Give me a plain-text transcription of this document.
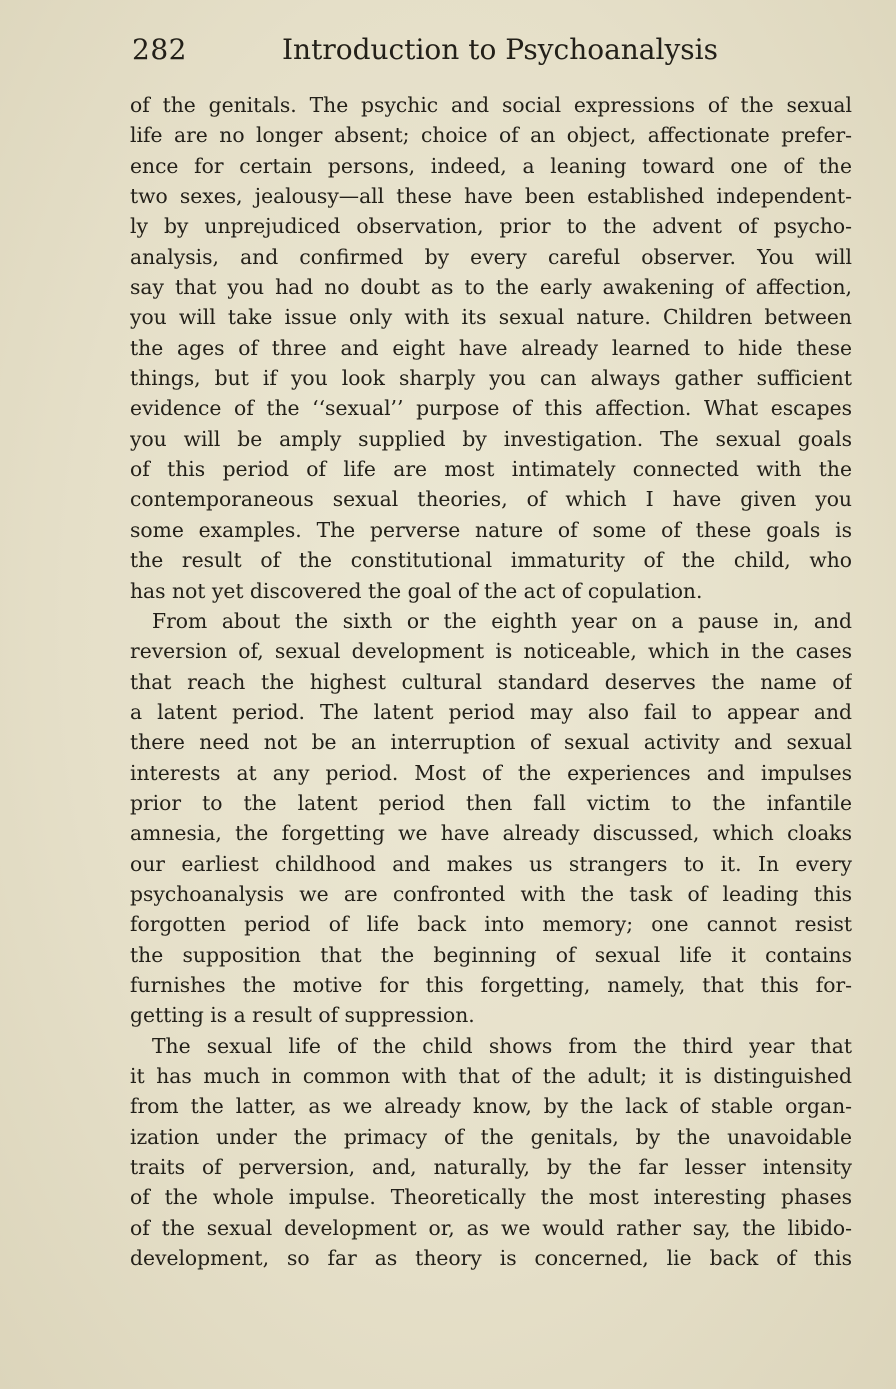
282	Introduction to Psychoanalysis
of the genitals. The psychic and social expressions of the sexual
life are no longer absent; choice of an object, affectionate prefer-
ence for certain persons, indeed, a leaning toward one of the
two sexes, jealousy—all these have been established independent-
ly by unprejudiced observation, prior to the advent of psycho-
analysis, and confirmed by every careful observer. You will
say that you had no doubt as to the early awakening of affection,
you will take issue only with its sexual nature. Children between
the ages of three and eight have already learned to hide these
things, but if you look sharply you can always gather sufficient
evidence of the ‘‘sexual’’ purpose of this affection. What escapes
you will be amply supplied by investigation. The sexual goals
of this period of life are most intimately connected with the
contemporaneous sexual theories, of which I have given you
some examples. The perverse nature of some of these goals is
the result of the constitutional immaturity of the child, who
has not yet discovered the goal of the act of copulation.
From about the sixth or the eighth year on a pause in, and
reversion of, sexual development is noticeable, which in the cases
that reach the highest cultural standard deserves the name of
a latent period. The latent period may also fail to appear and
there need not be an interruption of sexual activity and sexual
interests at any period. Most of the experiences and impulses
prior to the latent period then fall victim to the infantile
amnesia, the forgetting we have already discussed, which cloaks
our earliest childhood and makes us strangers to it. In every
psychoanalysis we are confronted with the task of leading this
forgotten period of life back into memory; one cannot resist
the supposition that the beginning of sexual life it contains
furnishes the motive for this forgetting, namely, that this for-
getting is a result of suppression.
The sexual life of the child shows from the third year that
it has much in common with that of the adult; it is distinguished
from the latter, as we already know, by the lack of stable organ-
ization under the primacy of the genitals, by the unavoidable
traits of perversion, and, naturally, by the far lesser intensity
of the whole impulse. Theoretically the most interesting phases
of the sexual development or, as we would rather say, the libido-
development, so far as theory is concerned, lie back of this
